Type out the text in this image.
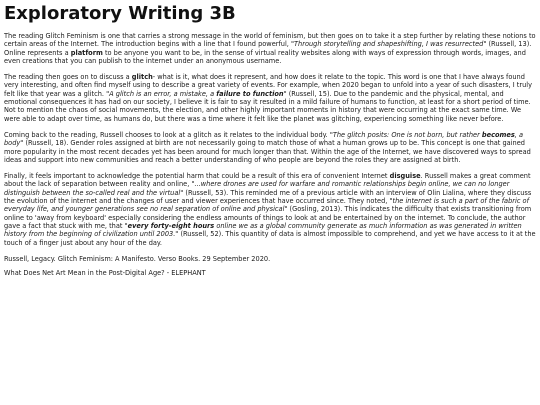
Exploratory Writing 3B

The reading Glitch Feminism is one that carries a strong message in the world of feminism, but then goes on to take it a step further by relating these notions to certain areas of the Internet. The introduction begins with a line that I found powerful, "Through storytelling and shapeshifting, I was resurrected" (Russell, 13). Online represents a platform to be anyone you want to be, in the sense of virtual reality websites along with ways of expression through words, images, and even creations that you can publish to the internet under an anonymous username.

The reading then goes on to discuss a glitch- what is it, what does it represent, and how does it relate to the topic. This word is one that I have always found very interesting, and often find myself using to describe a great variety of events. For example, when 2020 began to unfold into a year of such disasters, I truly felt like that year was a glitch. "A glitch is an error, a mistake, a failure to function" (Russell, 15). Due to the pandemic and the physical, mental, and emotional consequences it has had on our society, I believe it is fair to say it resulted in a mild failure of humans to function, at least for a short period of time. Not to mention the chaos of social movements, the election, and other highly important moments in history that were occurring at the exact same time. We were able to adapt over time, as humans do, but there was a time where it felt like the planet was glitching, experiencing something like never before.

Coming back to the reading, Russell chooses to look at a glitch as it relates to the individual body. "The glitch posits: One is not born, but rather becomes, a body" (Russell, 18). Gender roles assigned at birth are not necessarily going to match those of what a human grows up to be. This concept is one that gained more popularity in the most recent decades yet has been around for much longer than that. Within the age of the Internet, we have discovered ways to spread ideas and support into new communities and reach a better understanding of who people are beyond the roles they are assigned at birth.

Finally, it feels important to acknowledge the potential harm that could be a result of this era of convenient Internet disguise. Russell makes a great comment about the lack of separation between reality and online, "...where drones are used for warfare and romantic relationships begin online, we can no longer distinguish between the so-called real and the virtual" (Russell, 53). This reminded me of a previous article with an interview of Olin Lialina, where they discuss the evolution of the internet and the changes of user and viewer experiences that have occurred since. They noted, "the internet is such a part of the fabric of everyday life, and younger generations see no real separation of online and physical" (Gosling, 2013). This indicates the difficulty that exists transitioning from online to 'away from keyboard' especially considering the endless amounts of things to look at and be entertained by on the internet. To conclude, the author gave a fact that stuck with me, that "every forty-eight hours online we as a global community generate as much information as was generated in written history from the beginning of civilization until 2003." (Russell, 52). This quantity of data is almost impossible to comprehend, and yet we have access to it at the touch of a finger just about any hour of the day.

Russell, Legacy. Glitch Feminism: A Manifesto. Verso Books. 29 September 2020.

What Does Net Art Mean in the Post-Digital Age? - ELEPHANT
